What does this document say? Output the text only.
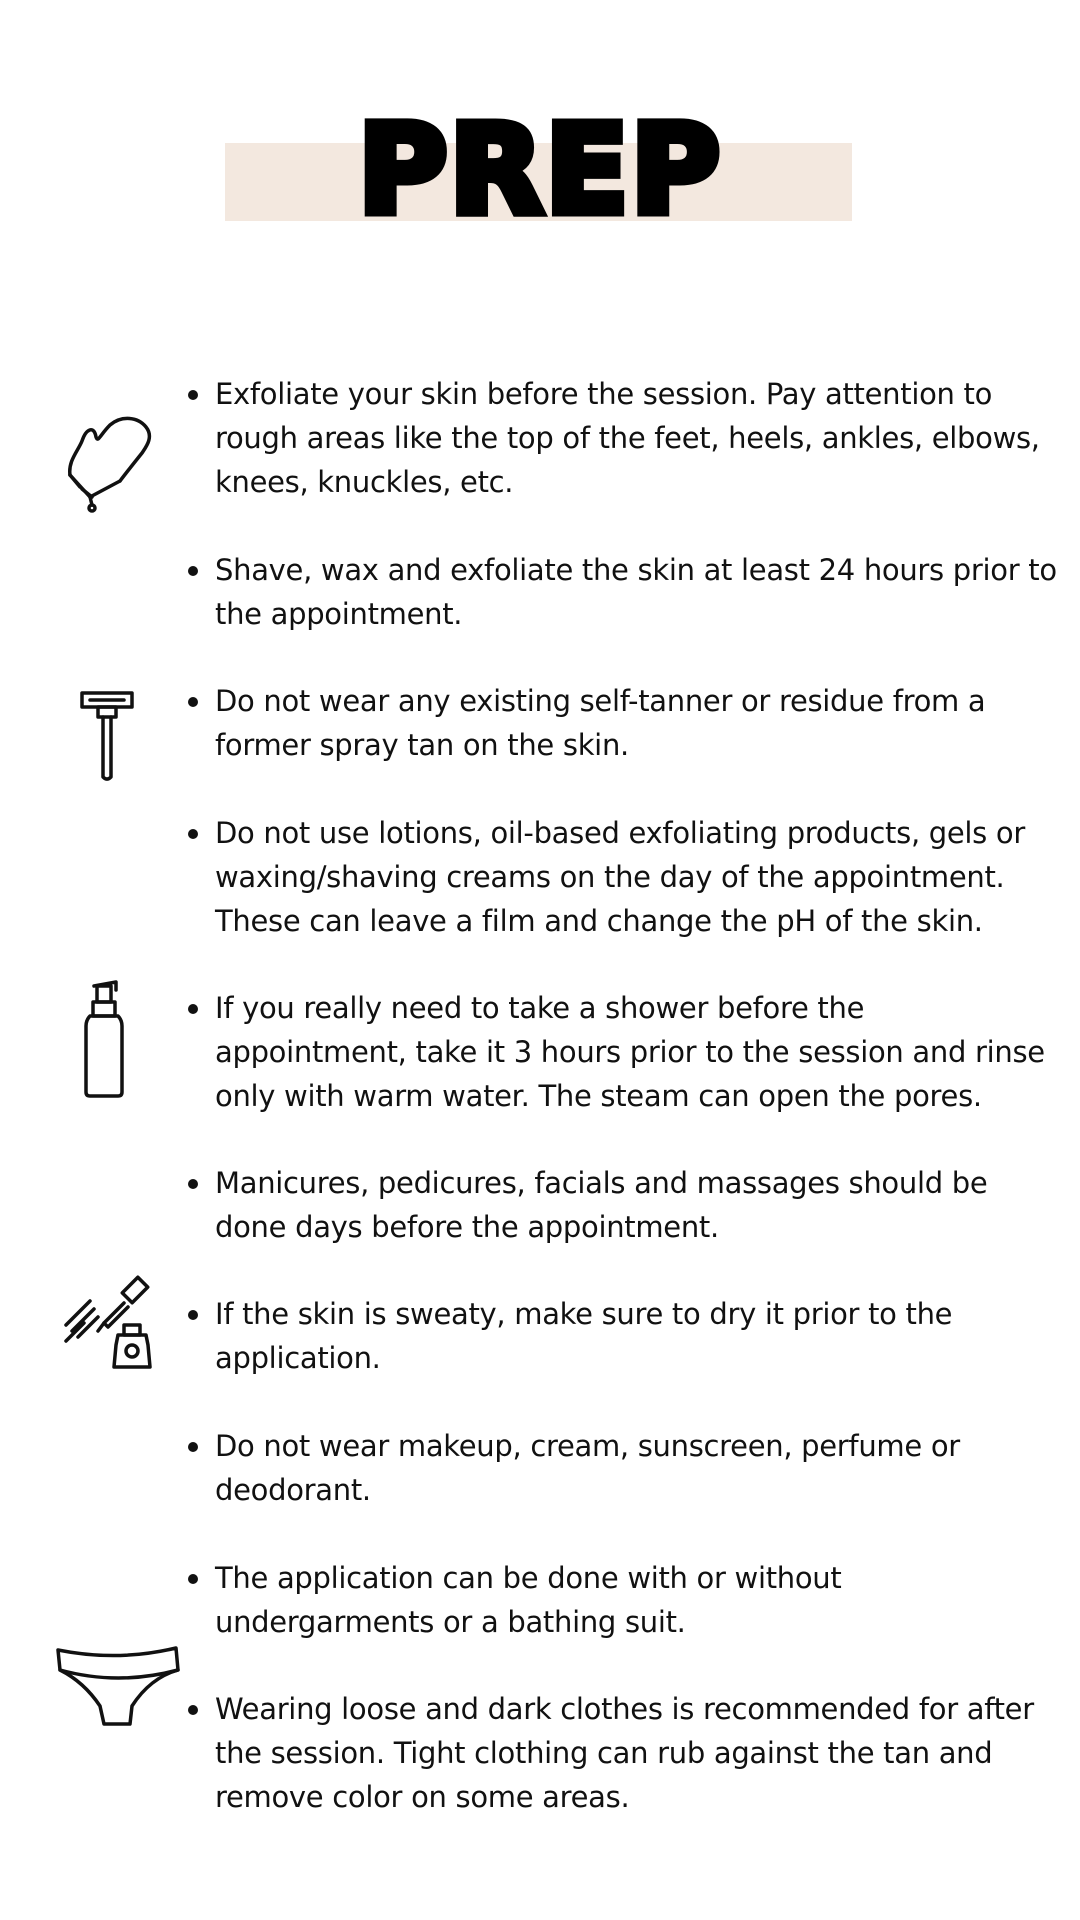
PREP

Exfoliate your skin before the session. Pay attention to rough areas like the top of the feet, heels, ankles, elbows, knees, knuckles, etc.

Shave, wax and exfoliate the skin at least 24 hours prior to the appointment.

Do not wear any existing self-tanner or residue from a former spray tan on the skin.

Do not use lotions, oil-based exfoliating products, gels or waxing/shaving creams on the day of the appointment. These can leave a film and change the pH of the skin.

If you really need to take a shower before the appointment, take it 3 hours prior to the session and rinse only with warm water. The steam can open the pores.

Manicures, pedicures, facials and massages should be done days before the appointment.

If the skin is sweaty, make sure to dry it prior to the application.

Do not wear makeup, cream, sunscreen, perfume or deodorant.

The application can be done with or without undergarments or a bathing suit.

Wearing loose and dark clothes is recommended for after the session. Tight clothing can rub against the tan and remove color on some areas.
